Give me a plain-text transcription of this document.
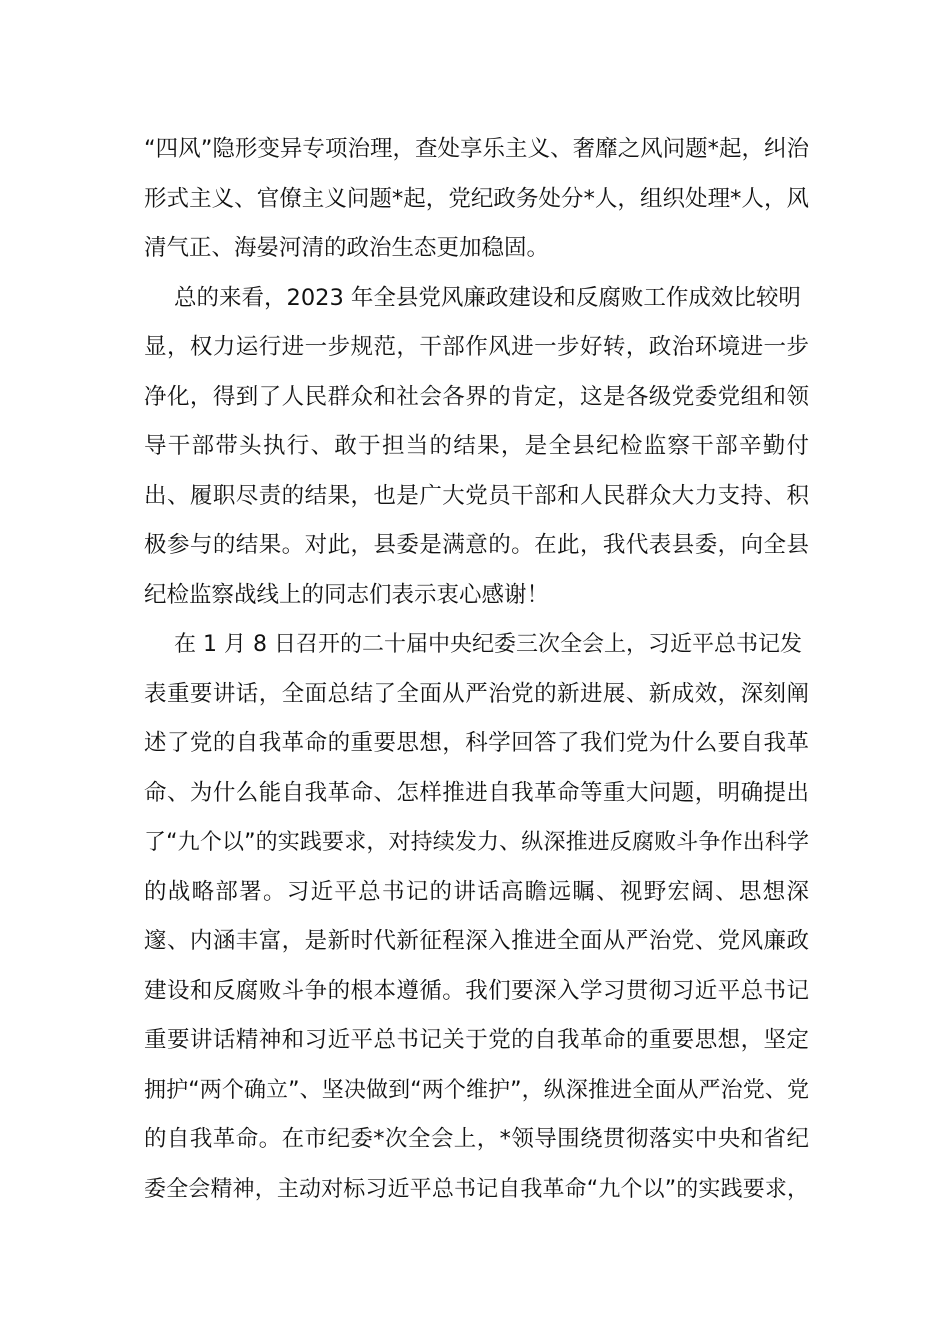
“四风”隐形变异专项治理，查处享乐主义、奢靡之风问题*起，纠治
形式主义、官僚主义问题*起，党纪政务处分*人，组织处理*人，风
清气正、海晏河清的政治生态更加稳固。
总的来看，2023 年全县党风廉政建设和反腐败工作成效比较明
显，权力运行进一步规范，干部作风进一步好转，政治环境进一步
净化，得到了人民群众和社会各界的肯定，这是各级党委党组和领
导干部带头执行、敢于担当的结果，是全县纪检监察干部辛勤付
出、履职尽责的结果，也是广大党员干部和人民群众大力支持、积
极参与的结果。对此，县委是满意的。在此，我代表县委，向全县
纪检监察战线上的同志们表示衷心感谢！
在 1 月 8 日召开的二十届中央纪委三次全会上，习近平总书记发
表重要讲话，全面总结了全面从严治党的新进展、新成效，深刻阐
述了党的自我革命的重要思想，科学回答了我们党为什么要自我革
命、为什么能自我革命、怎样推进自我革命等重大问题，明确提出
了“九个以”的实践要求，对持续发力、纵深推进反腐败斗争作出科学
的战略部署。习近平总书记的讲话高瞻远瞩、视野宏阔、思想深
邃、内涵丰富，是新时代新征程深入推进全面从严治党、党风廉政
建设和反腐败斗争的根本遵循。我们要深入学习贯彻习近平总书记
重要讲话精神和习近平总书记关于党的自我革命的重要思想，坚定
拥护“两个确立”、坚决做到“两个维护”，纵深推进全面从严治党、党
的自我革命。在市纪委*次全会上，*领导围绕贯彻落实中央和省纪
委全会精神，主动对标习近平总书记自我革命“九个以”的实践要求，
